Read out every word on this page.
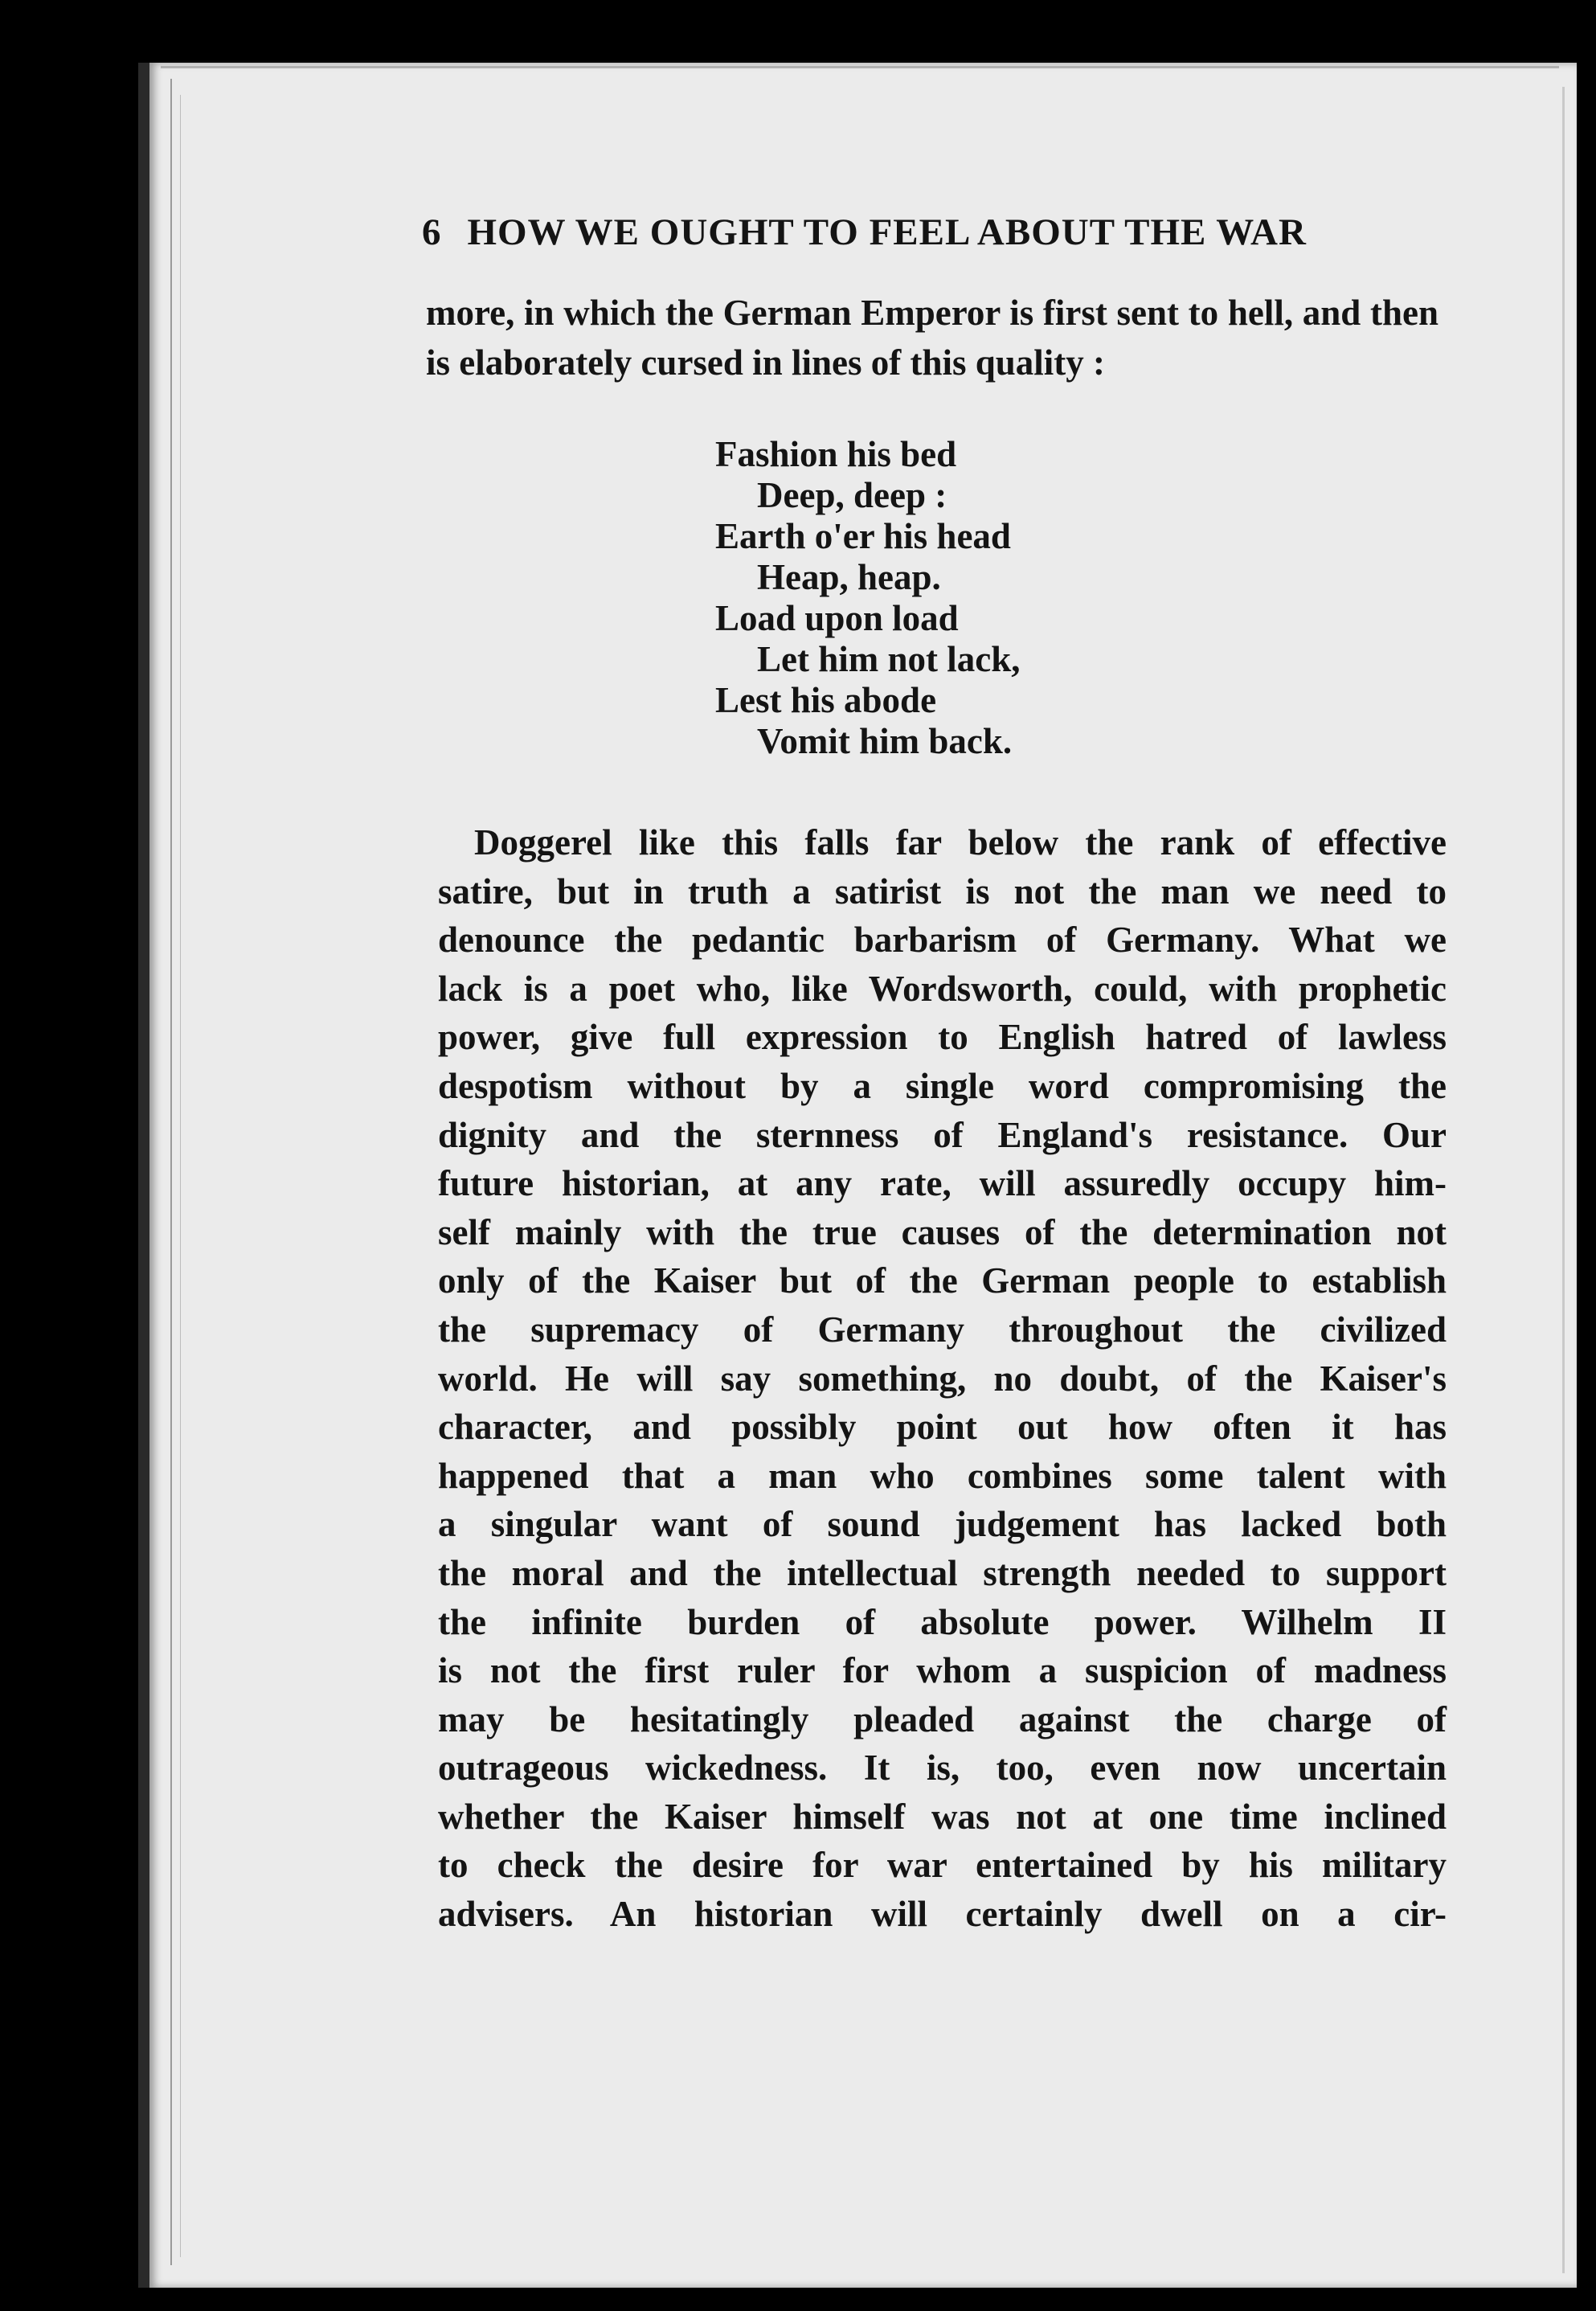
6 HOW WE OUGHT TO FEEL ABOUT THE WAR
more, in which the German Emperor is first sent to hell, and then is elaborately cursed in lines of this quality :
Fashion his bed
Deep, deep :
Earth o'er his head
Heap, heap.
Load upon load
Let him not lack,
Lest his abode
Vomit him back.
Doggerel like this falls far below the rank of effective
satire, but in truth a satirist is not the man we need to
denounce the pedantic barbarism of Germany. What we
lack is a poet who, like Wordsworth, could, with prophetic
power, give full expression to English hatred of lawless
despotism without by a single word compromising the
dignity and the sternness of England's resistance. Our
future historian, at any rate, will assuredly occupy him-
self mainly with the true causes of the determination not
only of the Kaiser but of the German people to establish
the supremacy of Germany throughout the civilized
world. He will say something, no doubt, of the Kaiser's
character, and possibly point out how often it has
happened that a man who combines some talent with
a singular want of sound judgement has lacked both
the moral and the intellectual strength needed to support
the infinite burden of absolute power. Wilhelm II
is not the first ruler for whom a suspicion of madness
may be hesitatingly pleaded against the charge of
outrageous wickedness. It is, too, even now uncertain
whether the Kaiser himself was not at one time inclined
to check the desire for war entertained by his military
advisers. An historian will certainly dwell on a cir-
